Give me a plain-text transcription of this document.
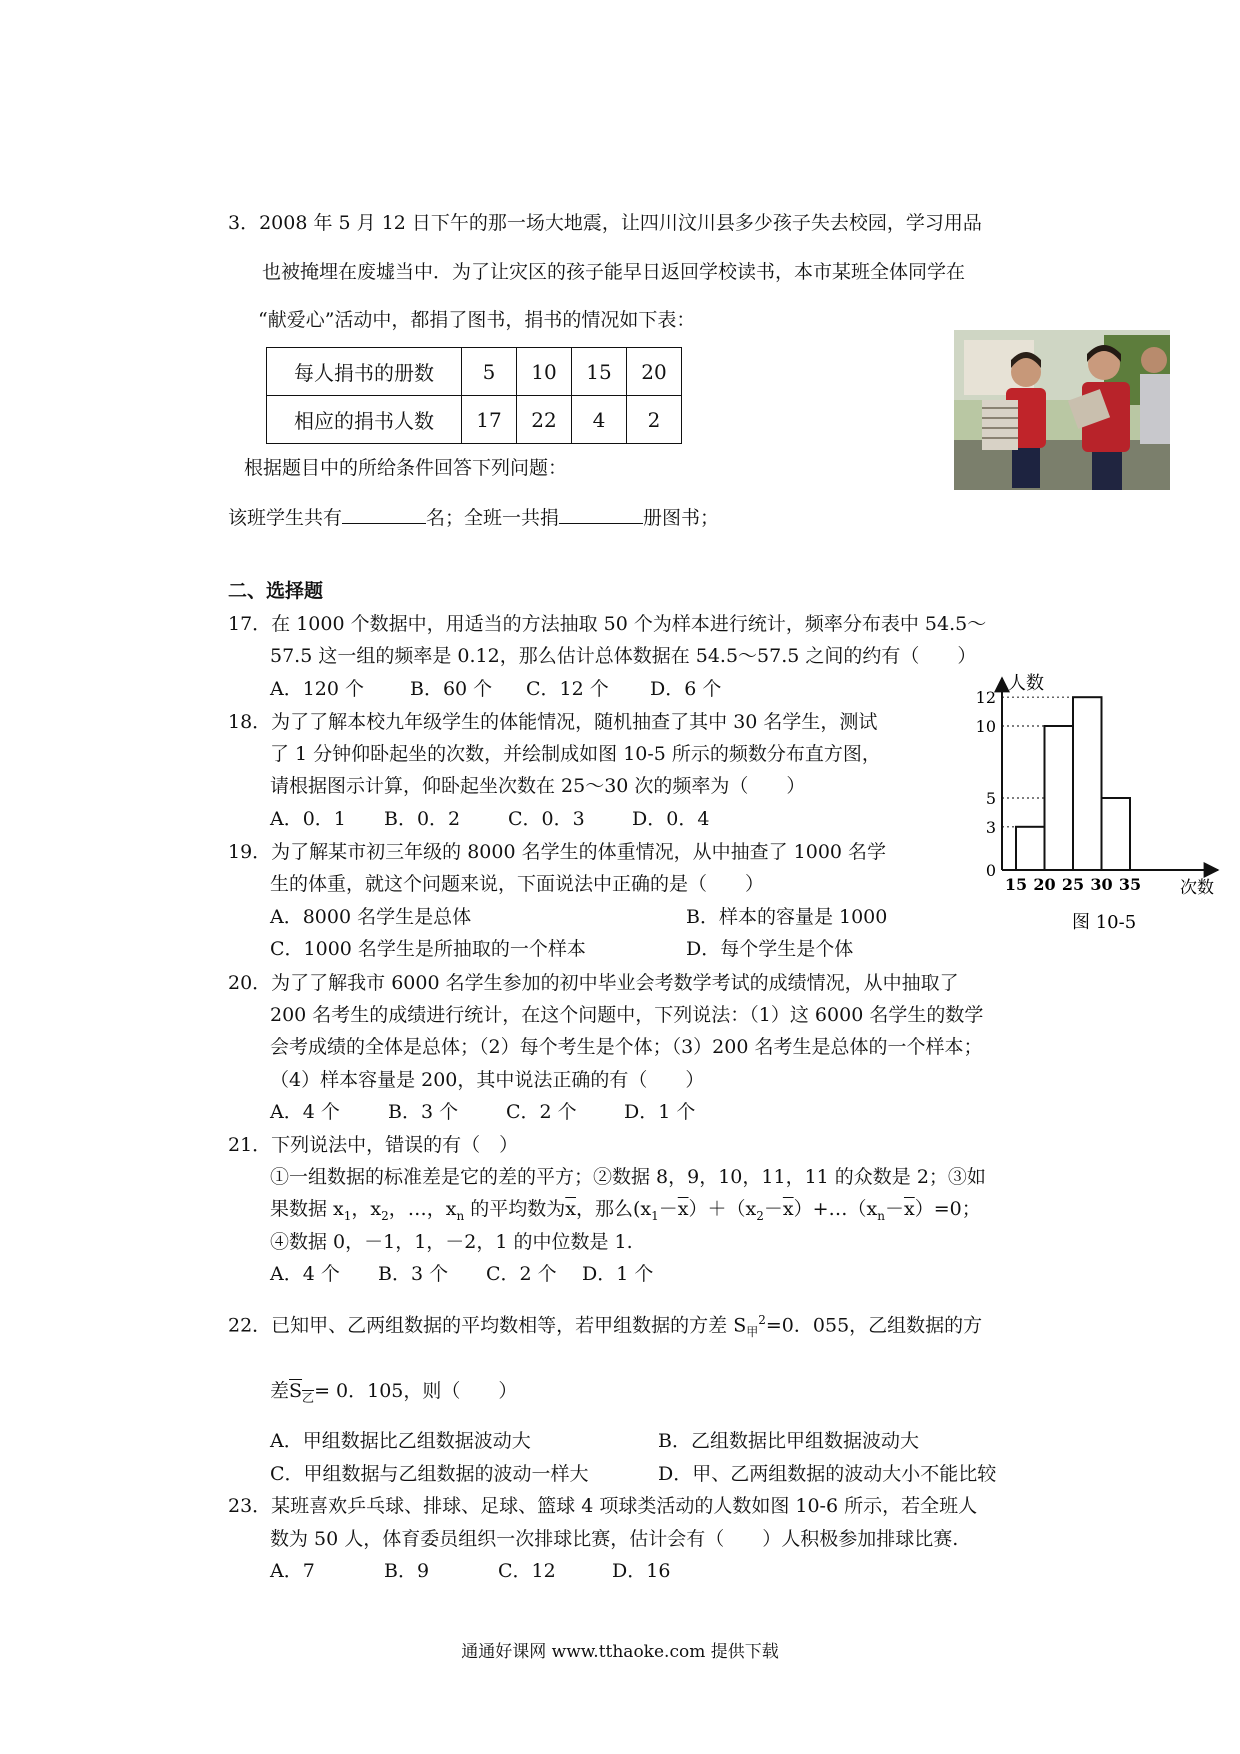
3．2008 年 5 月 12 日下午的那一场大地震，让四川汶川县多少孩子失去校园，学习用品
也被掩埋在废墟当中．为了让灾区的孩子能早日返回学校读书，本市某班全体同学在
“献爱心”活动中，都捐了图书，捐书的情况如下表：
每人捐书的册数	5	10	15	20
相应的捐书人数	17	22	4	2
根据题目中的所给条件回答下列问题：
该班学生共有	名；全班一共捐	册图书；
二、选择题
17．在 1000 个数据中，用适当的方法抽取 50 个为样本进行统计，频率分布表中 54.5～
57.5 这一组的频率是 0.12，那么估计总体数据在 54.5～57.5 之间的约有（　　）
A．120 个 B．60 个 C．12 个 D．6 个
18．为了了解本校九年级学生的体能情况，随机抽查了其中 30 名学生，测试
了 1 分钟仰卧起坐的次数，并绘制成如图 10-5 所示的频数分布直方图，
请根据图示计算，仰卧起坐次数在 25～30 次的频率为（　　）
A．0．1 B．0．2	C．0．3 D．0．4
19．为了解某市初三年级的 8000 名学生的体重情况，从中抽查了 1000 名学
生的体重，就这个问题来说，下面说法中正确的是（　　）
A．8000 名学生是总体	B．样本的容量是 1000
C．1000 名学生是所抽取的一个样本	D．每个学生是个体
人数
次数
0
3
5
10
12
15 20 25 30 35
图 10-5
20．为了了解我市 6000 名学生参加的初中毕业会考数学考试的成绩情况，从中抽取了
200 名考生的成绩进行统计，在这个问题中，下列说法：（1）这 6000 名学生的数学
会考成绩的全体是总体；（2）每个考生是个体；（3）200 名考生是总体的一个样本；
（4）样本容量是 200，其中说法正确的有（　　）
A．4 个	B．3 个	C．2 个 D．1 个
21．下列说法中，错误的有（　）
①一组数据的标准差是它的差的平方；②数据 8，9，10，11，11 的众数是 2；③如
果数据 $x_1$，$x_2$，…，$x_n$ 的平均数为$\overline{x}$，那么$(x_1-\overline{x})+(x_2-\overline{x})+\dots(x_n-\overline{x})=0$；
④数据 0，－1，1，－2，1 的中位数是 1.
A．4 个 B．3 个 C．2 个 D．1 个
22．已知甲、乙两组数据的平均数相等，若甲组数据的方差 $S_甲^2=0$．055，乙组数据的方
差$S_乙= 0$．105，则（　　）
A．甲组数据比乙组数据波动大	B．乙组数据比甲组数据波动大
C．甲组数据与乙组数据的波动一样大	D．甲、乙两组数据的波动大小不能比较
23．某班喜欢乒乓球、排球、足球、篮球 4 项球类活动的人数如图 10-6 所示，若全班人
数为 50 人，体育委员组织一次排球比赛，估计会有（　　）人积极参加排球比赛.
A．7	B．9	C．12	D．16
通通好课网 www.tthaoke.com 提供下载
